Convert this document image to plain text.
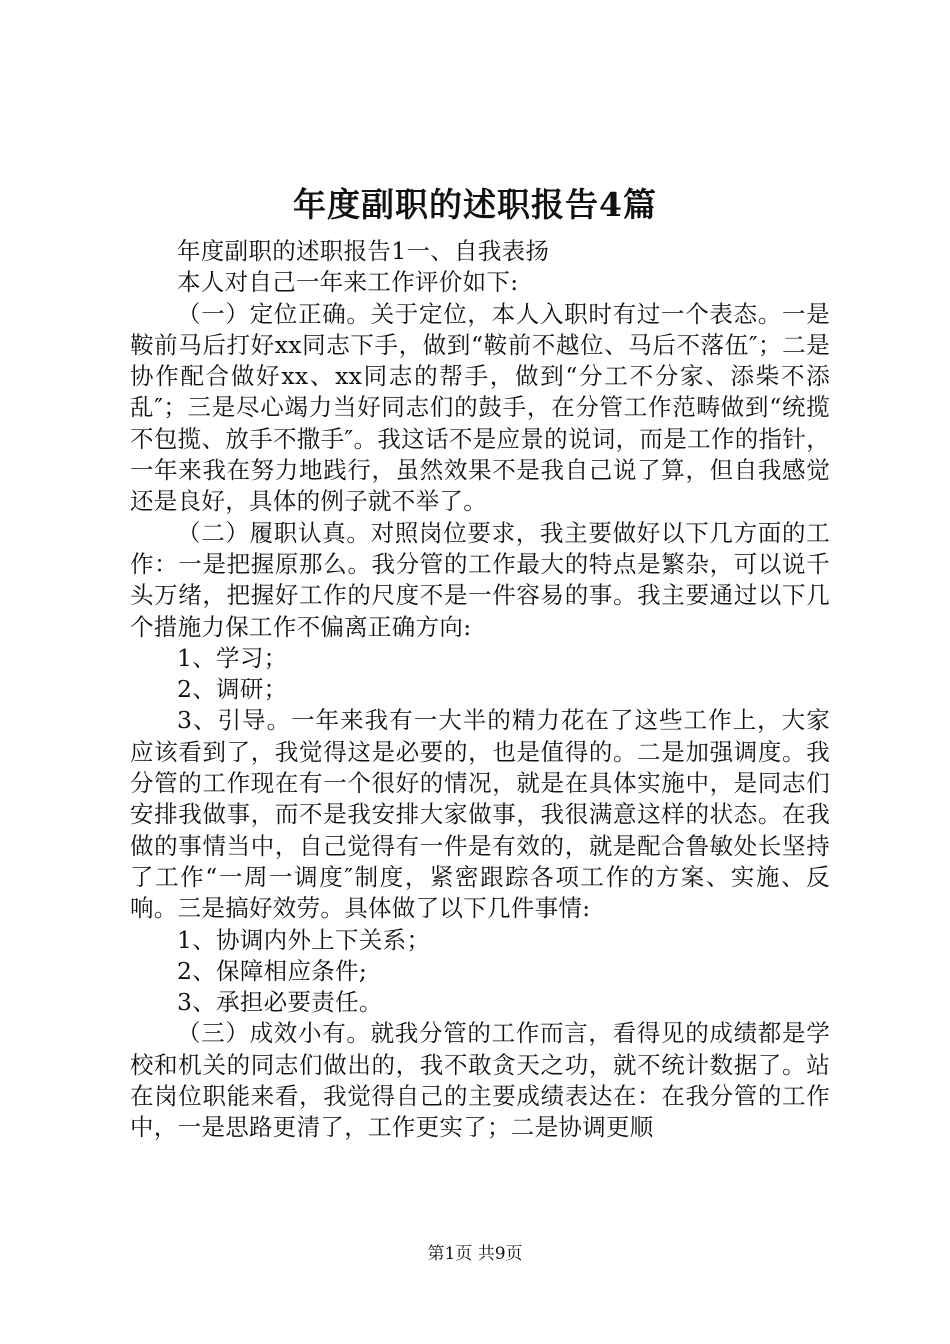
年度副职的述职报告4篇

年度副职的述职报告1一、自我表扬

本人对自己一年来工作评价如下:

（一）定位正确。关于定位，本人入职时有过一个表态。一是鞍前马后打好xx同志下手，做到“鞍前不越位、马后不落伍″；二是协作配合做好xx、xx同志的帮手，做到“分工不分家、添柴不添乱″；三是尽心竭力当好同志们的鼓手，在分管工作范畴做到“统揽不包揽、放手不撒手″。我这话不是应景的说词，而是工作的指针，一年来我在努力地践行，虽然效果不是我自己说了算，但自我感觉还是良好，具体的例子就不举了。

（二）履职认真。对照岗位要求，我主要做好以下几方面的工作：一是把握原那么。我分管的工作最大的特点是繁杂，可以说千头万绪，把握好工作的尺度不是一件容易的事。我主要通过以下几个措施力保工作不偏离正确方向:

1、学习；

2、调研；

3、引导。一年来我有一大半的精力花在了这些工作上，大家应该看到了，我觉得这是必要的，也是值得的。二是加强调度。我分管的工作现在有一个很好的情况，就是在具体实施中，是同志们安排我做事，而不是我安排大家做事，我很满意这样的状态。在我做的事情当中，自己觉得有一件是有效的，就是配合鲁敏处长坚持了工作“一周一调度″制度，紧密跟踪各项工作的方案、实施、反响。三是搞好效劳。具体做了以下几件事情:

1、协调内外上下关系；

2、保障相应条件;

3、承担必要责任。

（三）成效小有。就我分管的工作而言，看得见的成绩都是学校和机关的同志们做出的，我不敢贪天之功，就不统计数据了。站在岗位职能来看，我觉得自己的主要成绩表达在：在我分管的工作中，一是思路更清了，工作更实了；二是协调更顺

第1页 共9页
